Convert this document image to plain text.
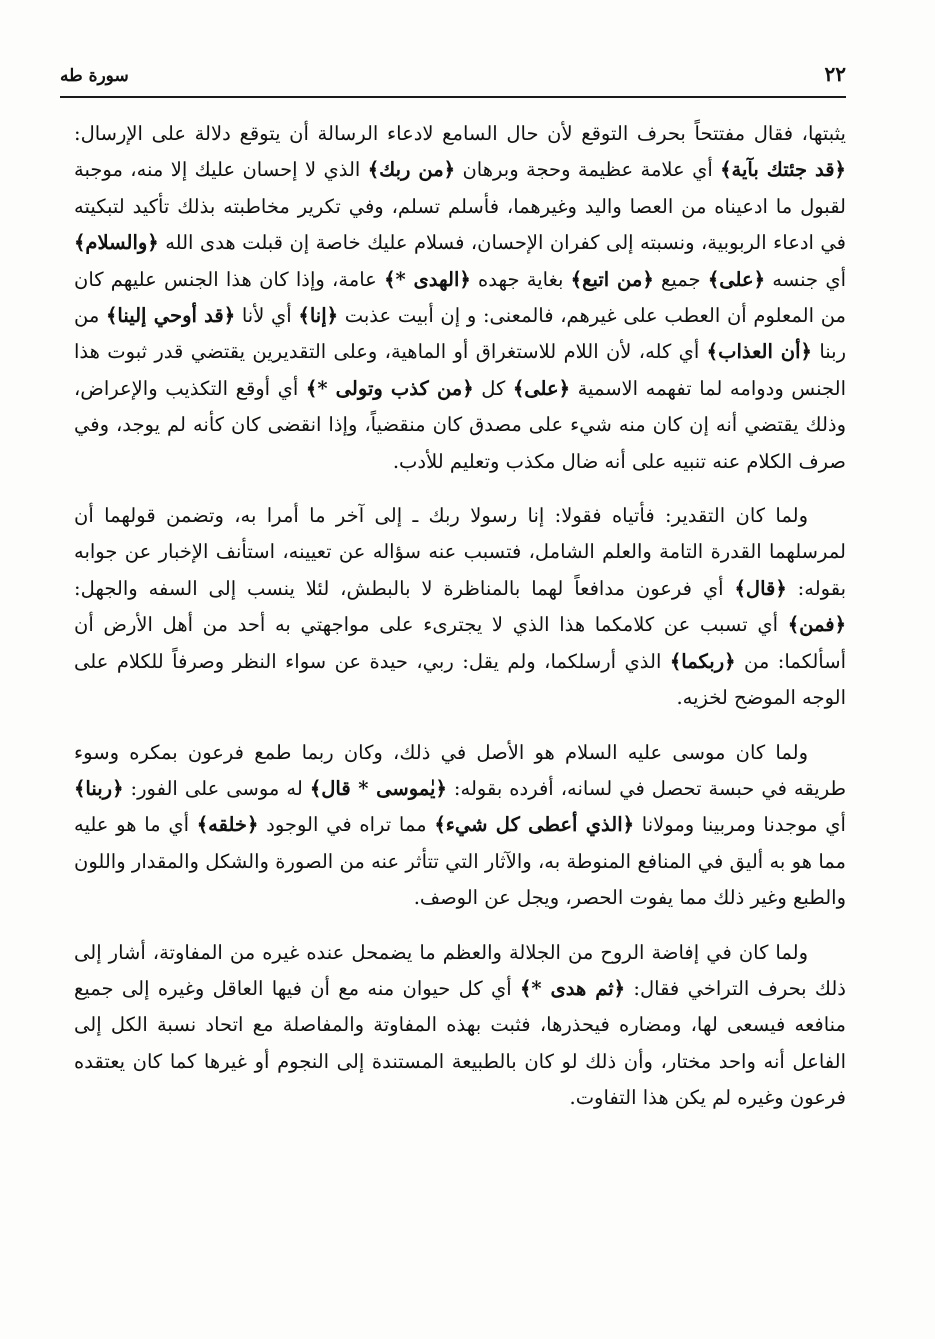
٢٢
سورة طه

يثبتها، فقال مفتتحاً بحرف التوقع لأن حال السامع لادعاء الرسالة أن يتوقع دلالة على الإرسال: ﴿قد جئتك بآية﴾ أي علامة عظيمة وحجة وبرهان ﴿من ربك﴾ الذي لا إحسان عليك إلا منه، موجبة لقبول ما ادعيناه من العصا واليد وغيرهما، فأسلم تسلم، وفي تكرير مخاطبته بذلك تأكيد لتبكيته في ادعاء الربوبية، ونسبته إلى كفران الإحسان، فسلام عليك خاصة إن قبلت هدى الله ﴿والسلام﴾ أي جنسه ﴿على﴾ جميع ﴿من اتبع﴾ بغاية جهده ﴿الهدى *﴾ عامة، وإذا كان هذا الجنس عليهم كان من المعلوم أن العطب على غيرهم، فالمعنى: و إن أبيت عذبت ﴿إنا﴾ أي لأنا ﴿قد أوحي إلينا﴾ من ربنا ﴿أن العذاب﴾ أي كله، لأن اللام للاستغراق أو الماهية، وعلى التقديرين يقتضي قدر ثبوت هذا الجنس ودوامه لما تفهمه الاسمية ﴿على﴾ كل ﴿من كذب وتولى *﴾ أي أوقع التكذيب والإعراض، وذلك يقتضي أنه إن كان منه شيء على مصدق كان منقضياً، وإذا انقضى كان كأنه لم يوجد، وفي صرف الكلام عنه تنبيه على أنه ضال مكذب وتعليم للأدب.

ولما كان التقدير: فأتياه فقولا: إنا رسولا ربك ـ إلى آخر ما أمرا به، وتضمن قولهما أن لمرسلهما القدرة التامة والعلم الشامل، فتسبب عنه سؤاله عن تعيينه، استأنف الإخبار عن جوابه بقوله: ﴿قال﴾ أي فرعون مدافعاً لهما بالمناظرة لا بالبطش، لئلا ينسب إلى السفه والجهل: ﴿فمن﴾ أي تسبب عن كلامكما هذا الذي لا يجترىء على مواجهتي به أحد من أهل الأرض أن أسألكما: من ﴿ربكما﴾ الذي أرسلكما، ولم يقل: ربي، حيدة عن سواء النظر وصرفاً للكلام على الوجه الموضح لخزيه.

ولما كان موسى عليه السلام هو الأصل في ذلك، وكان ربما طمع فرعون بمكره وسوء طريقه في حبسة تحصل في لسانه، أفرده بقوله: ﴿يٰموسى * قال﴾ له موسى على الفور: ﴿ربنا﴾ أي موجدنا ومربينا ومولانا ﴿الذي أعطى كل شيء﴾ مما تراه في الوجود ﴿خلقه﴾ أي ما هو عليه مما هو به أليق في المنافع المنوطة به، والآثار التي تتأثر عنه من الصورة والشكل والمقدار واللون والطبع وغير ذلك مما يفوت الحصر، ويجل عن الوصف.

ولما كان في إفاضة الروح من الجلالة والعظم ما يضمحل عنده غيره من المفاوتة، أشار إلى ذلك بحرف التراخي فقال: ﴿ثم هدى *﴾ أي كل حيوان منه مع أن فيها العاقل وغيره إلى جميع منافعه فيسعى لها، ومضاره فيحذرها، فثبت بهذه المفاوتة والمفاصلة مع اتحاد نسبة الكل إلى الفاعل أنه واحد مختار، وأن ذلك لو كان بالطبيعة المستندة إلى النجوم أو غيرها كما كان يعتقده فرعون وغيره لم يكن هذا التفاوت.
